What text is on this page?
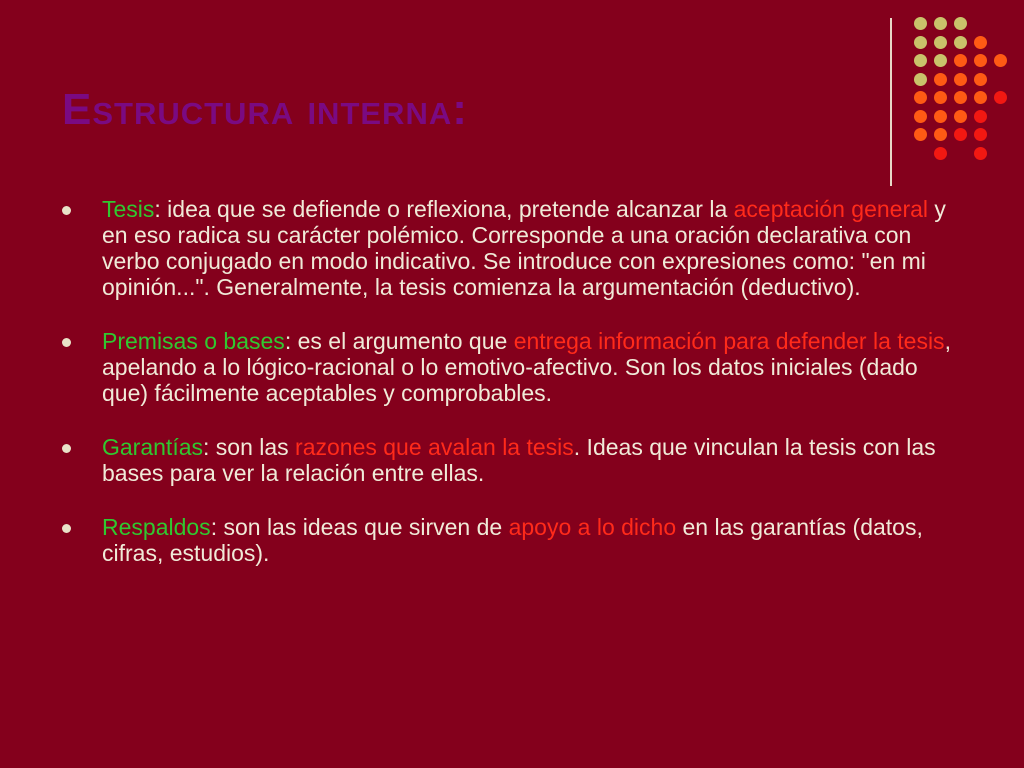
Estructura interna:
Tesis: idea que se defiende o reflexiona, pretende alcanzar la aceptación general y en eso radica su carácter polémico. Corresponde a una oración declarativa con verbo conjugado en modo indicativo. Se introduce con expresiones como: "en mi opinión...". Generalmente, la tesis comienza la argumentación (deductivo).
Premisas o bases: es el argumento que entrega información para defender la tesis, apelando a lo lógico-racional o lo emotivo-afectivo. Son los datos iniciales (dado que) fácilmente aceptables y comprobables.
Garantías: son las razones que avalan la tesis. Ideas que vinculan la tesis con las bases para ver la relación entre ellas.
Respaldos: son las ideas que sirven de apoyo a lo dicho en las garantías (datos, cifras, estudios).
